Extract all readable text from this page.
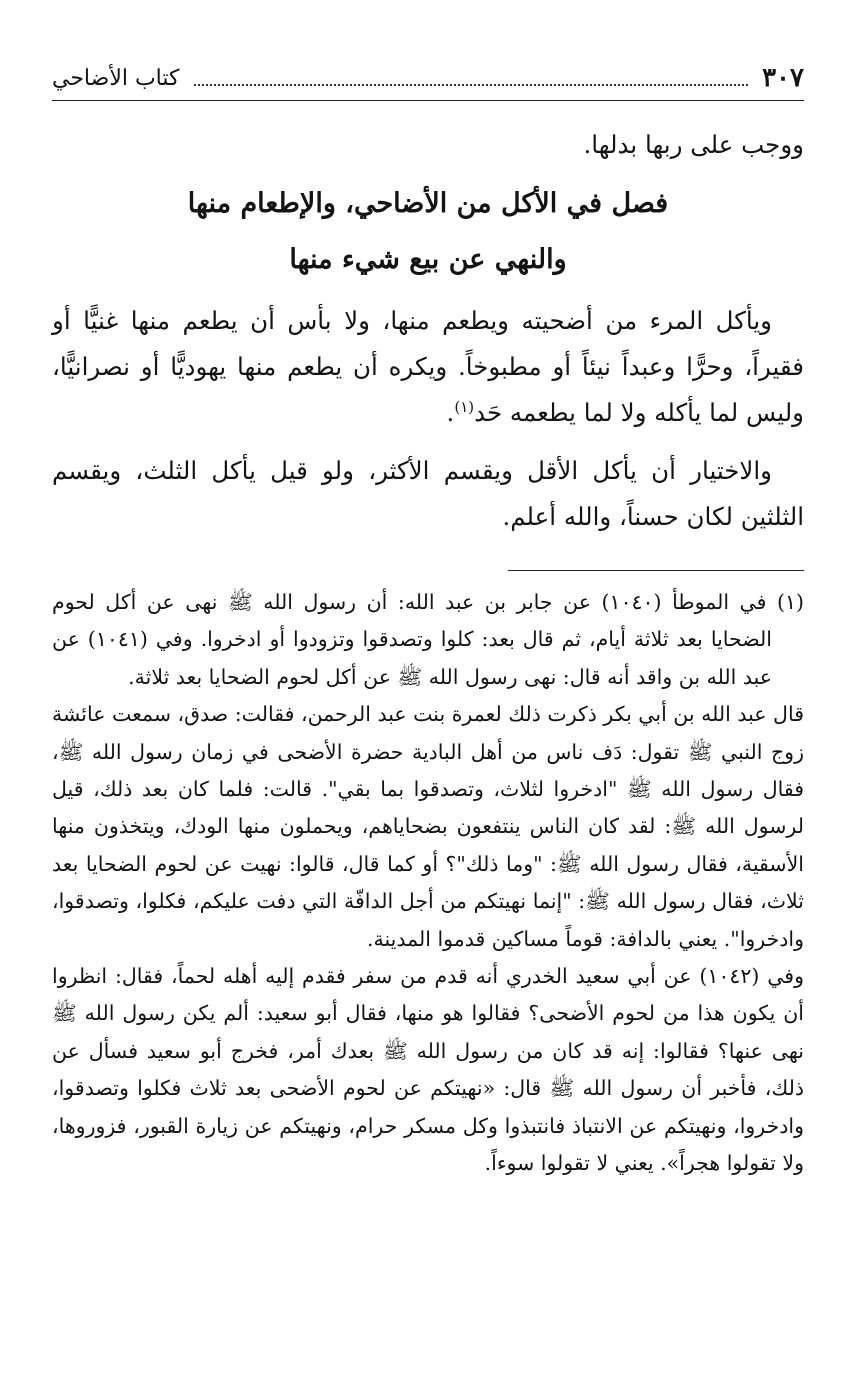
٣٠٧
كتاب الأضاحي

ووجب على ربها بدلها.

فصل في الأكل من الأضاحي، والإطعام منها
والنهي عن بيع شيء منها

ويأكل المرء من أضحيته ويطعم منها، ولا بأس أن يطعم منها غنيًّا أو فقيراً، وحرًّا وعبداً نيئاً أو مطبوخاً. ويكره أن يطعم منها يهوديًّا أو نصرانيًّا، وليس لما يأكله ولا لما يطعمه حَد$^{(١)}$.

والاختيار أن يأكل الأقل ويقسم الأكثر، ولو قيل يأكل الثلث، ويقسم الثلثين لكان حسناً، والله أعلم.

(١) في الموطأ (١٠٤٠) عن جابر بن عبد الله: أن رسول الله ﷺ نهى عن أكل لحوم الضحايا بعد ثلاثة أيام، ثم قال بعد: كلوا وتصدقوا وتزودوا أو ادخروا. وفي (١٠٤١) عن عبد الله بن واقد أنه قال: نهى رسول الله ﷺ عن أكل لحوم الضحايا بعد ثلاثة.

قال عبد الله بن أبي بكر ذكرت ذلك لعمرة بنت عبد الرحمن، فقالت: صدق، سمعت عائشة زوج النبي ﷺ تقول: دَف ناس من أهل البادية حضرة الأضحى في زمان رسول الله ﷺ، فقال رسول الله ﷺ "ادخروا لثلاث، وتصدقوا بما بقي". قالت: فلما كان بعد ذلك، قيل لرسول الله ﷺ: لقد كان الناس ينتفعون بضحاياهم، ويحملون منها الودك، ويتخذون منها الأسقية، فقال رسول الله ﷺ: "وما ذلك"؟ أو كما قال، قالوا: نهيت عن لحوم الضحايا بعد ثلاث، فقال رسول الله ﷺ: "إنما نهيتكم من أجل الدافّة التي دفت عليكم، فكلوا، وتصدقوا، وادخروا". يعني بالدافة: قوماً مساكين قدموا المدينة.

وفي (١٠٤٢) عن أبي سعيد الخدري أنه قدم من سفر فقدم إليه أهله لحماً، فقال: انظروا أن يكون هذا من لحوم الأضحى؟ فقالوا هو منها، فقال أبو سعيد: ألم يكن رسول الله ﷺ نهى عنها؟ فقالوا: إنه قد كان من رسول الله ﷺ بعدك أمر، فخرج أبو سعيد فسأل عن ذلك، فأخبر أن رسول الله ﷺ قال: «نهيتكم عن لحوم الأضحى بعد ثلاث فكلوا وتصدقوا، وادخروا، ونهيتكم عن الانتباذ فانتبذوا وكل مسكر حرام، ونهيتكم عن زيارة القبور، فزوروها، ولا تقولوا هجراً». يعني لا تقولوا سوءاً.
